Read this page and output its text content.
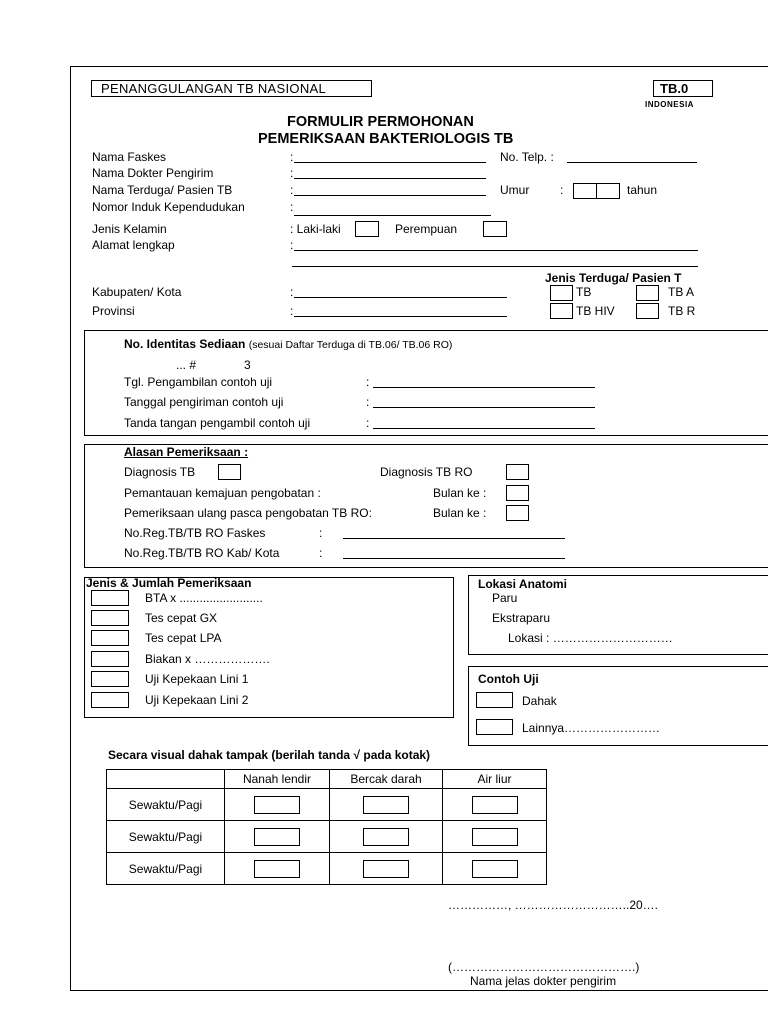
PENANGGULANGAN TB NASIONAL	TB.0
INDONESIA
FORMULIR PERMOHONAN
PEMERIKSAAN BAKTERIOLOGIS TB
Nama Faskes	:	No. Telp. :
Nama Dokter Pengirim	:
Nama Terduga/ Pasien TB	:	Umur	:	tahun
Nomor Induk Kependudukan	:
Jenis Kelamin	: Laki-laki	Perempuan
Alamat lengkap	:
Jenis Terduga/ Pasien T
Kabupaten/ Kota	:	TB	TB A
Provinsi	:	TB HIV	TB R
No. Identitas Sediaan (sesuai Daftar Terduga di TB.06/ TB.06 RO)
... #	3
Tgl. Pengambilan contoh uji	:
Tanggal pengiriman contoh uji	:
Tanda tangan pengambil contoh uji	:
Alasan Pemeriksaan :
Diagnosis TB	Diagnosis TB RO
Pemantauan kemajuan pengobatan :	Bulan ke :
Pemeriksaan ulang pasca pengobatan TB RO:	Bulan ke :
No.Reg.TB/TB RO Faskes	:
No.Reg.TB/TB RO Kab/ Kota	:
Jenis & Jumlah Pemeriksaan
BTA x .........................
Tes cepat GX
Tes cepat LPA
Biakan x ……………….
Uji Kepekaan Lini 1
Uji Kepekaan Lini 2
Lokasi Anatomi
Paru
Ekstraparu
Lokasi : …………………………
Contoh Uji
Dahak
Lainnya……………………
Secara visual dahak tampak (berilah tanda √ pada kotak)
	Nanah lendir	Bercak darah	Air liur
Sewaktu/Pagi			
Sewaktu/Pagi			
Sewaktu/Pagi			
……………, ………………………..20….
(……………………………………….)
Nama jelas dokter pengirim
